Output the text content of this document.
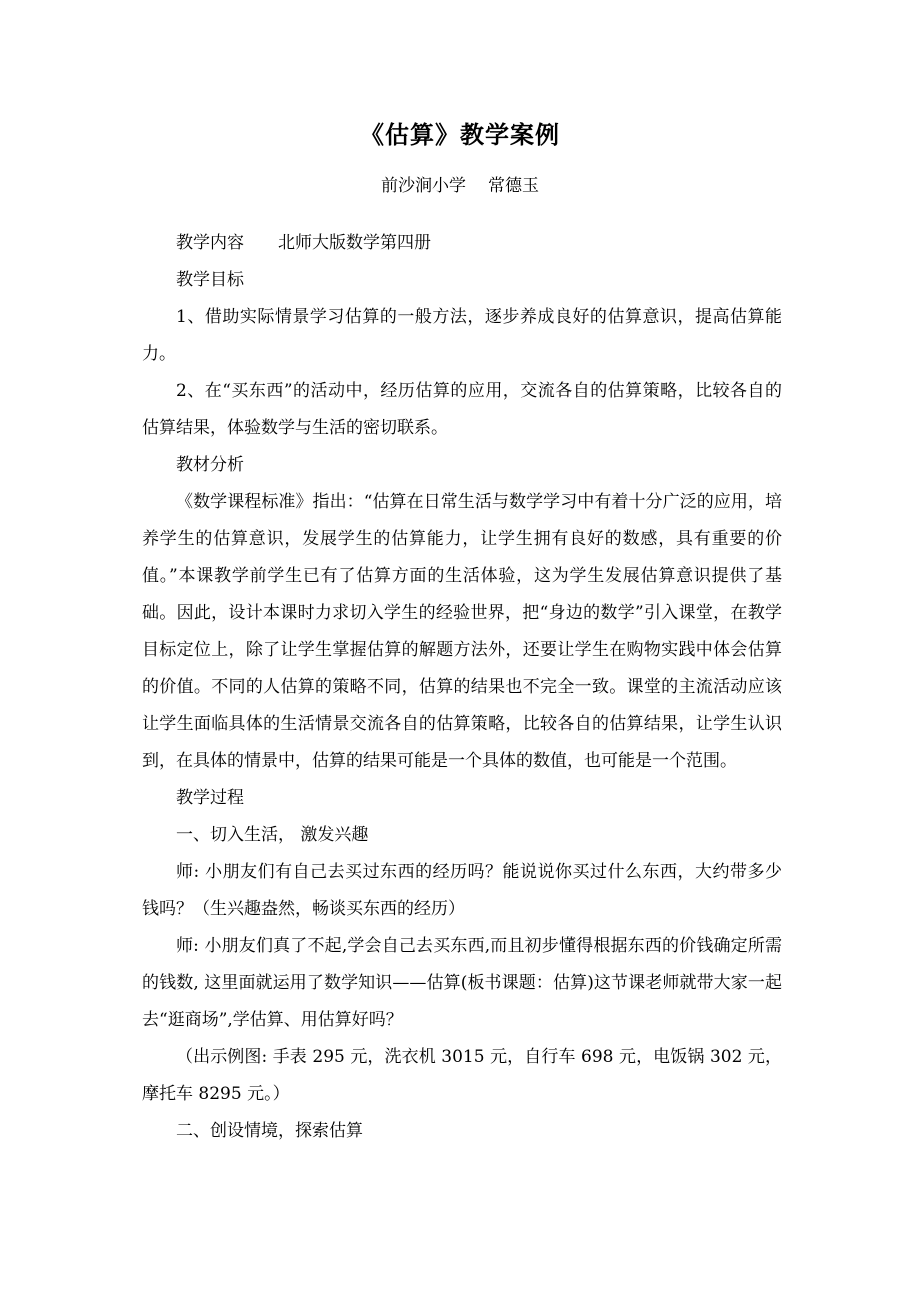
《估算》教学案例
前沙涧小学 常德玉

教学内容 北师大版数学第四册

教学目标

1、借助实际情景学习估算的一般方法，逐步养成良好的估算意识，提高估算能力。

2、在“买东西”的活动中，经历估算的应用，交流各自的估算策略，比较各自的估算结果，体验数学与生活的密切联系。

教材分析

《数学课程标准》指出：“估算在日常生活与数学学习中有着十分广泛的应用，培养学生的估算意识，发展学生的估算能力，让学生拥有良好的数感，具有重要的价值。”本课教学前学生已有了估算方面的生活体验，这为学生发展估算意识提供了基础。因此，设计本课时力求切入学生的经验世界，把“身边的数学”引入课堂，在教学目标定位上，除了让学生掌握估算的解题方法外，还要让学生在购物实践中体会估算的价值。不同的人估算的策略不同，估算的结果也不完全一致。课堂的主流活动应该让学生面临具体的生活情景交流各自的估算策略，比较各自的估算结果，让学生认识到，在具体的情景中，估算的结果可能是一个具体的数值，也可能是一个范围。

教学过程

一、切入生活， 激发兴趣

师: 小朋友们有自己去买过东西的经历吗？能说说你买过什么东西，大约带多少钱吗？（生兴趣盎然，畅谈买东西的经历）

师: 小朋友们真了不起,学会自己去买东西,而且初步懂得根据东西的价钱确定所需的钱数, 这里面就运用了数学知识——估算(板书课题：估算)这节课老师就带大家一起去“逛商场”,学估算、用估算好吗？

（出示例图: 手表 295 元，洗衣机 3015 元，自行车 698 元，电饭锅 302 元，摩托车 8295 元。）

二、创设情境，探索估算
